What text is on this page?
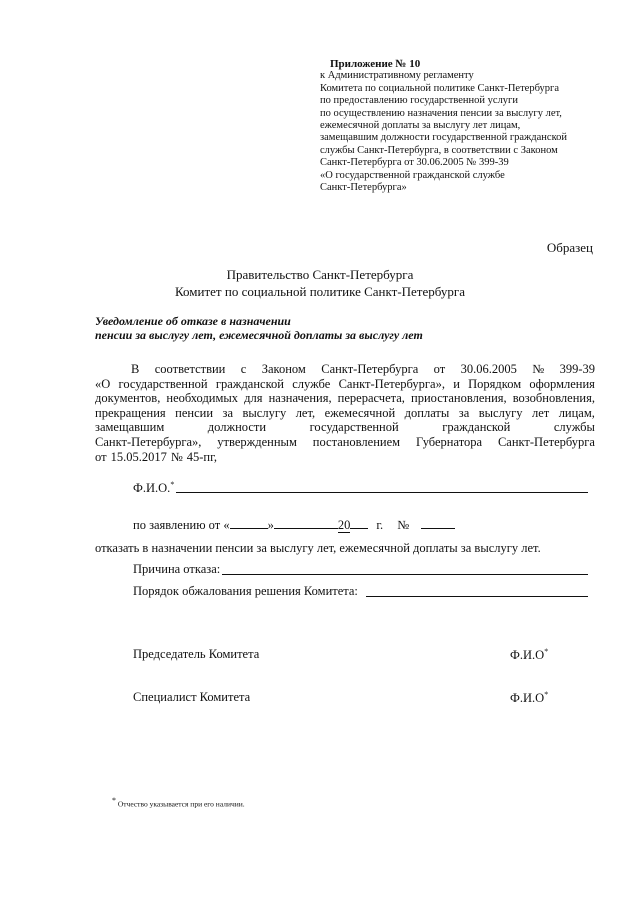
Приложение № 10
к Административному регламенту
Комитета по социальной политике Санкт-Петербурга
по предоставлению государственной услуги
по осуществлению назначения пенсии за выслугу лет,
ежемесячной доплаты за выслугу лет лицам,
замещавшим должности государственной гражданской
службы Санкт-Петербурга, в соответствии с Законом
Санкт-Петербурга от 30.06.2005 № 399-39
«О государственной гражданской службе
Санкт-Петербурга»
Образец
Правительство Санкт-Петербурга
Комитет по социальной политике Санкт-Петербурга
Уведомление об отказе в назначении
пенсии за выслугу лет, ежемесячной доплаты за выслугу лет
В соответствии с Законом Санкт-Петербурга от 30.06.2005 № 399-39
«О государственной гражданской службе Санкт-Петербурга», и Порядком оформления
документов, необходимых для назначения, перерасчета, приостановления, возобновления,
прекращения пенсии за выслугу лет, ежемесячной доплаты за выслугу лет лицам,
замещавшим	должности	государственной	гражданской	службы
Санкт-Петербурга», утвержденным постановлением Губернатора Санкт-Петербурга
от 15.05.2017 № 45-пг,
Ф.И.О.*
по заявлению от «	»	20 г. №
отказать в назначении пенсии за выслугу лет, ежемесячной доплаты за выслугу лет.
Причина отказа:
Порядок обжалования решения Комитета:
Председатель Комитета	Ф.И.О*
Специалист Комитета	Ф.И.О*
* Отчество указывается при его наличии.
